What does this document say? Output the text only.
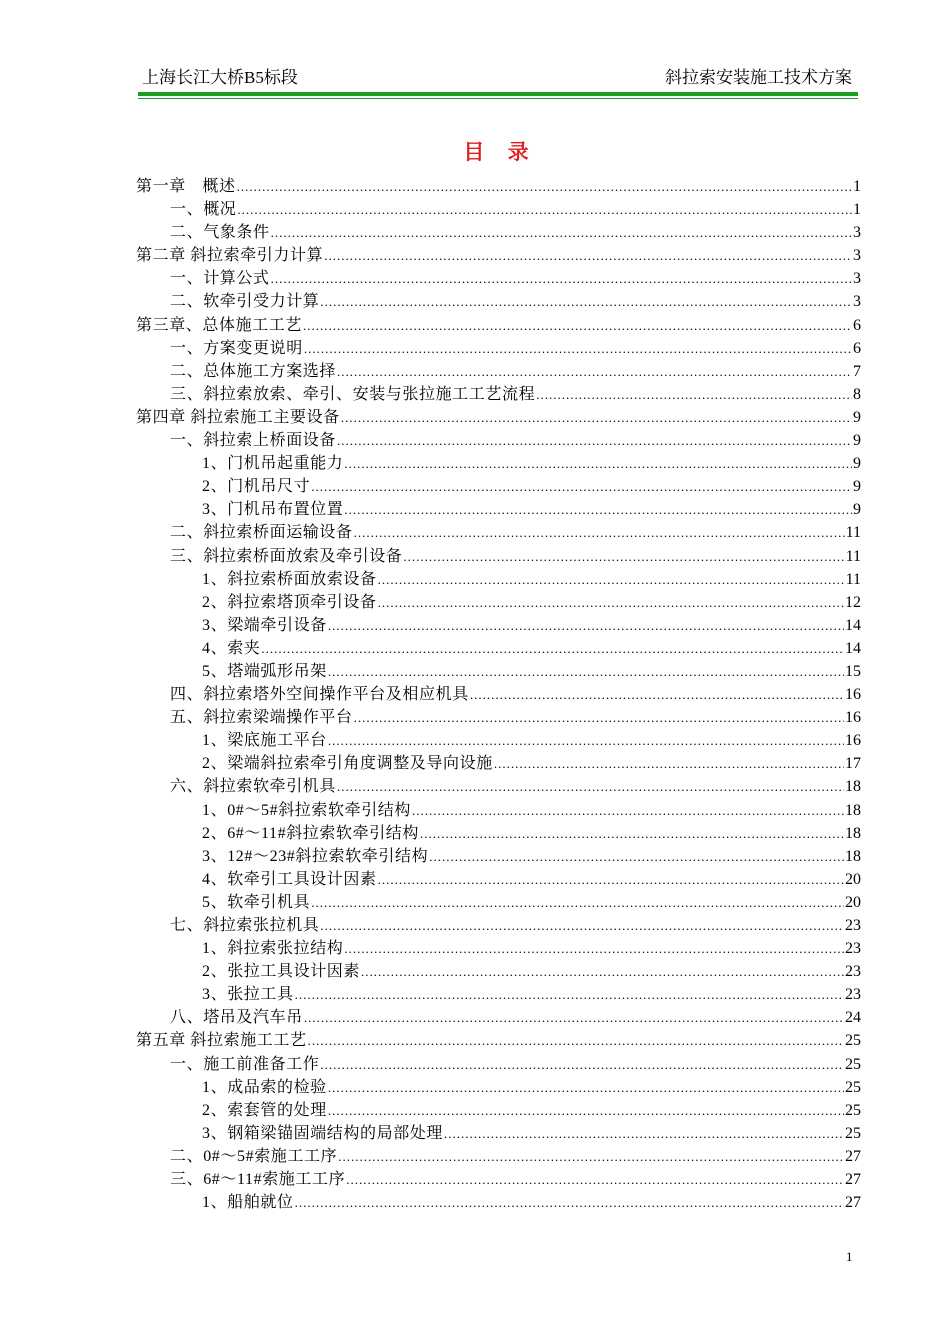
上海长江大桥B5标段	斜拉索安装施工技术方案
目 录
第一章　概述 .....	1
一、概况 .....	1
二、气象条件 .....	3
第二章 斜拉索牵引力计算 .....	3
一、计算公式 .....	3
二、软牵引受力计算 .....	3
第三章、总体施工工艺 .....	6
一、方案变更说明 .....	6
二、总体施工方案选择 .....	7
三、斜拉索放索、牵引、安装与张拉施工工艺流程 .....	8
第四章 斜拉索施工主要设备 .....	9
一、斜拉索上桥面设备 .....	9
1、门机吊起重能力 .....	9
2、门机吊尺寸 .....	9
3、门机吊布置位置 .....	9
二、斜拉索桥面运输设备 .....	11
三、斜拉索桥面放索及牵引设备 .....	11
1、斜拉索桥面放索设备 .....	11
2、斜拉索塔顶牵引设备 .....	12
3、梁端牵引设备 .....	14
4、索夹 .....	14
5、塔端弧形吊架 .....	15
四、斜拉索塔外空间操作平台及相应机具 .....	16
五、斜拉索梁端操作平台 .....	16
1、梁底施工平台 .....	16
2、梁端斜拉索牵引角度调整及导向设施 .....	17
六、斜拉索软牵引机具 .....	18
1、0#～5#斜拉索软牵引结构 .....	18
2、6#～11#斜拉索软牵引结构 .....	18
3、12#～23#斜拉索软牵引结构 .....	18
4、软牵引工具设计因素 .....	20
5、软牵引机具 .....	20
七、斜拉索张拉机具 .....	23
1、斜拉索张拉结构 .....	23
2、张拉工具设计因素 .....	23
3、张拉工具 .....	23
八、塔吊及汽车吊 .....	24
第五章 斜拉索施工工艺 .....	25
一、施工前准备工作 .....	25
1、成品索的检验 .....	25
2、索套管的处理 .....	25
3、钢箱梁锚固端结构的局部处理 .....	25
二、0#～5#索施工工序 .....	27
三、6#～11#索施工工序 .....	27
1、船舶就位 .....	27
1
